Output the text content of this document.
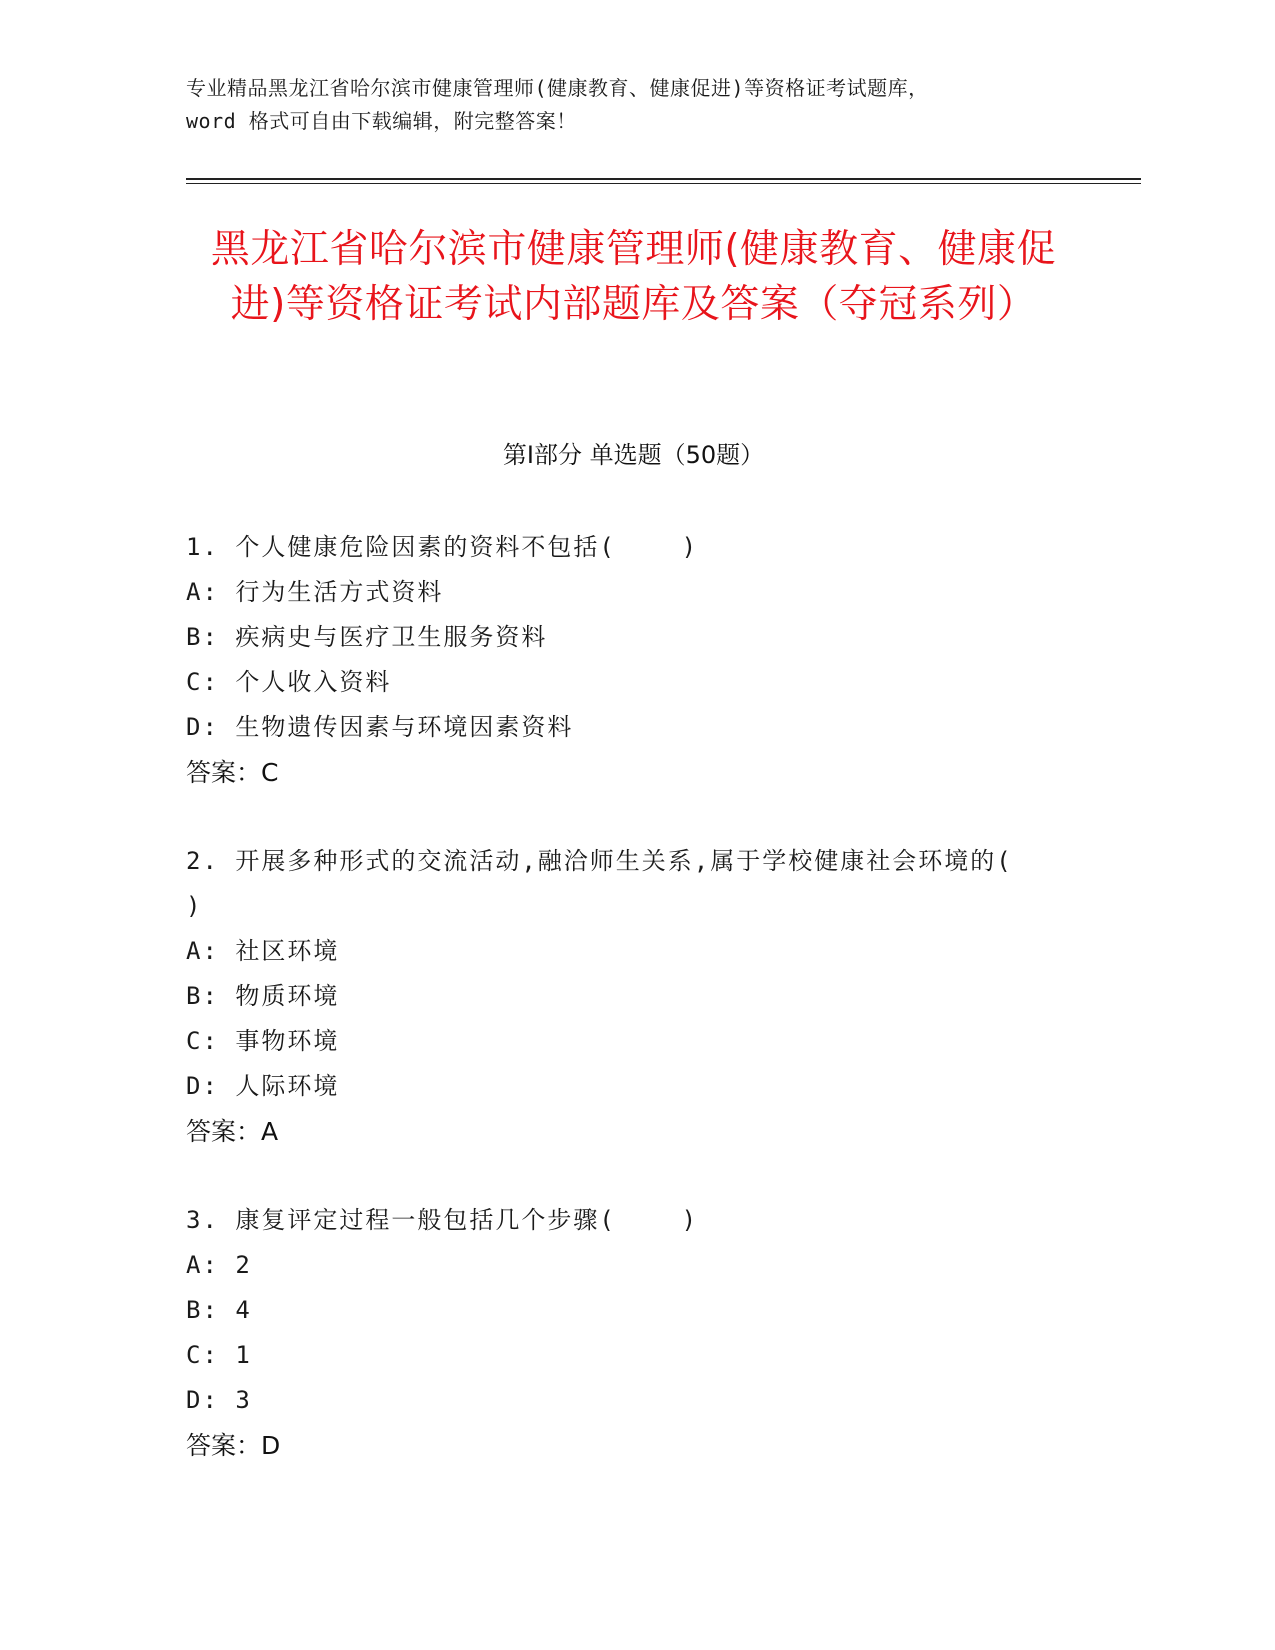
专业精品黑龙江省哈尔滨市健康管理师(健康教育、健康促进)等资格证考试题库，
word 格式可自由下载编辑，附完整答案！
黑龙江省哈尔滨市健康管理师(健康教育、健康促进)等资格证考试内部题库及答案（夺冠系列）
第Ⅰ部分 单选题（50题）
1. 个人健康危险因素的资料不包括(    )
A: 行为生活方式资料
B: 疾病史与医疗卫生服务资料
C: 个人收入资料
D: 生物遗传因素与环境因素资料
答案：C
2. 开展多种形式的交流活动,融洽师生关系,属于学校健康社会环境的(    )
A: 社区环境
B: 物质环境
C: 事物环境
D: 人际环境
答案：A
3. 康复评定过程一般包括几个步骤(    )
A: 2
B: 4
C: 1
D: 3
答案：D
